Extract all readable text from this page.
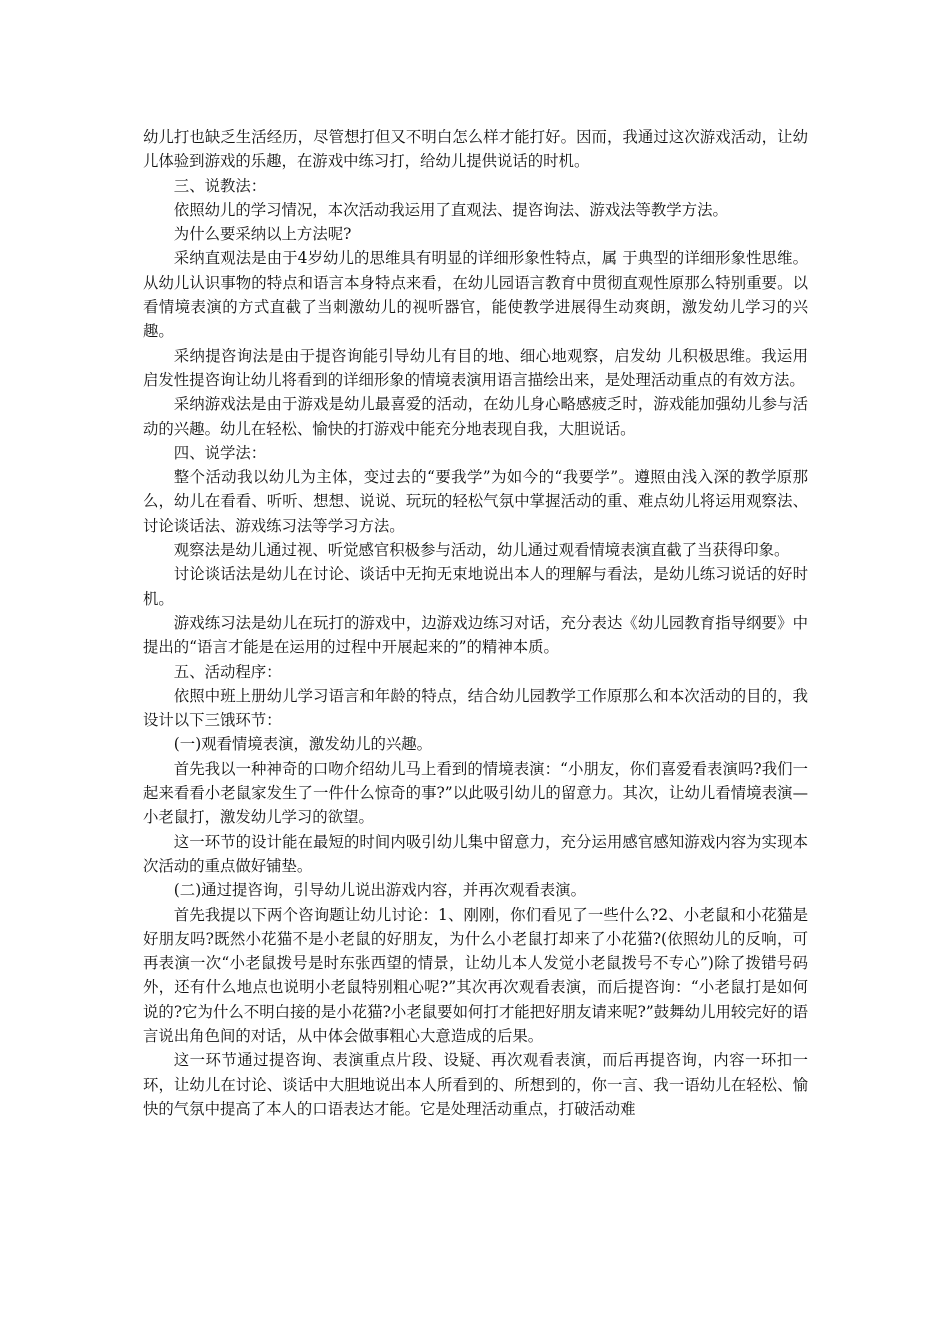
幼儿打也缺乏生活经历，尽管想打但又不明白怎么样才能打好。因而，我通过这次游戏活动，让幼儿体验到游戏的乐趣，在游戏中练习打，给幼儿提供说话的时机。

三、说教法：

依照幼儿的学习情况，本次活动我运用了直观法、提咨询法、游戏法等教学方法。

为什么要采纳以上方法呢?

采纳直观法是由于4岁幼儿的思维具有明显的详细形象性特点，属 于典型的详细形象性思维。从幼儿认识事物的特点和语言本身特点来看，在幼儿园语言教育中贯彻直观性原那么特别重要。以看情境表演的方式直截了当刺激幼儿的视听器官，能使教学进展得生动爽朗，激发幼儿学习的兴趣。

采纳提咨询法是由于提咨询能引导幼儿有目的地、细心地观察，启发幼 儿积极思维。我运用启发性提咨询让幼儿将看到的详细形象的情境表演用语言描绘出来，是处理活动重点的有效方法。

采纳游戏法是由于游戏是幼儿最喜爱的活动，在幼儿身心略感疲乏时，游戏能加强幼儿参与活动的兴趣。幼儿在轻松、愉快的打游戏中能充分地表现自我，大胆说话。

四、说学法：

整个活动我以幼儿为主体，变过去的“要我学”为如今的“我要学”。遵照由浅入深的教学原那么，幼儿在看看、听听、想想、说说、玩玩的轻松气氛中掌握活动的重、难点幼儿将运用观察法、讨论谈话法、游戏练习法等学习方法。

观察法是幼儿通过视、听觉感官积极参与活动，幼儿通过观看情境表演直截了当获得印象。

讨论谈话法是幼儿在讨论、谈话中无拘无束地说出本人的理解与看法，是幼儿练习说话的好时机。

游戏练习法是幼儿在玩打的游戏中，边游戏边练习对话，充分表达《幼儿园教育指导纲要》中提出的“语言才能是在运用的过程中开展起来的”的精神本质。

五、活动程序：

依照中班上册幼儿学习语言和年龄的特点，结合幼儿园教学工作原那么和本次活动的目的，我设计以下三饿环节：

(一)观看情境表演，激发幼儿的兴趣。

首先我以一种神奇的口吻介绍幼儿马上看到的情境表演：“小朋友，你们喜爱看表演吗?我们一起来看看小老鼠家发生了一件什么惊奇的事?”以此吸引幼儿的留意力。其次，让幼儿看情境表演—小老鼠打，激发幼儿学习的欲望。

这一环节的设计能在最短的时间内吸引幼儿集中留意力，充分运用感官感知游戏内容为实现本次活动的重点做好铺垫。

(二)通过提咨询，引导幼儿说出游戏内容，并再次观看表演。

首先我提以下两个咨询题让幼儿讨论：1、刚刚，你们看见了一些什么?2、小老鼠和小花猫是好朋友吗?既然小花猫不是小老鼠的好朋友，为什么小老鼠打却来了小花猫?(依照幼儿的反响，可再表演一次“小老鼠拨号是时东张西望的情景，让幼儿本人发觉小老鼠拨号不专心”)除了拨错号码外，还有什么地点也说明小老鼠特别粗心呢?”其次再次观看表演，而后提咨询：“小老鼠打是如何说的?它为什么不明白接的是小花猫?小老鼠要如何打才能把好朋友请来呢?”鼓舞幼儿用较完好的语言说出角色间的对话，从中体会做事粗心大意造成的后果。

这一环节通过提咨询、表演重点片段、设疑、再次观看表演，而后再提咨询，内容一环扣一环，让幼儿在讨论、谈话中大胆地说出本人所看到的、所想到的，你一言、我一语幼儿在轻松、愉快的气氛中提高了本人的口语表达才能。它是处理活动重点，打破活动难
